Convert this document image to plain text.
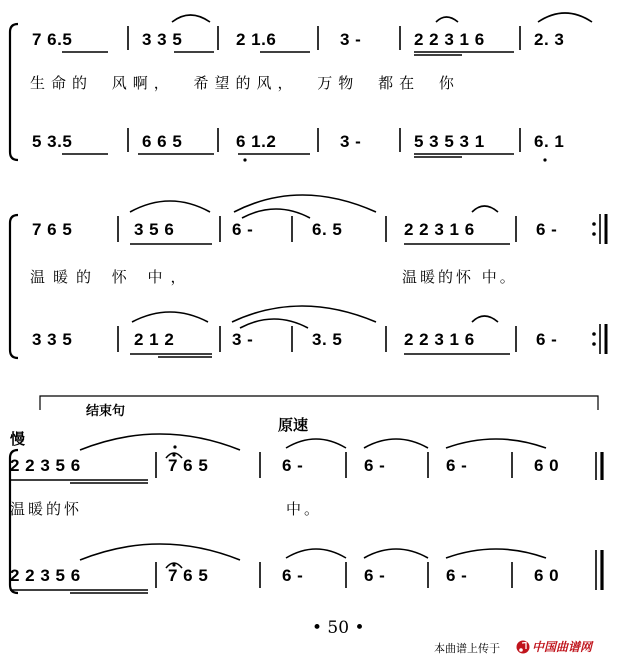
7 6.5	3 3 5	2 1.6	3 -	2 2 3 1 6	2. 3
生命的 风啊， 希望的风， 万物 都在 你
5 3.5	6 6 5	6 1.2	3 -	5 3 5 3 1	6. 1
7 6 5	3 5 6	6 -	6. 5	2 2 3 1 6	6 -
温暖的 怀 中，	温暖的怀 中。
3 3 5	2 1 2	3 -	3. 5	2 2 3 1 6	6 -
结束句
慢
原速
2 2 3 5 6	7 6 5	6 -	6 -	6 -	6 0
温暖的怀	中。
2 2 3 5 6	7 6 5	6 -	6 -	6 -	6 0
• 50 •
本曲谱上传于	中国曲谱网
